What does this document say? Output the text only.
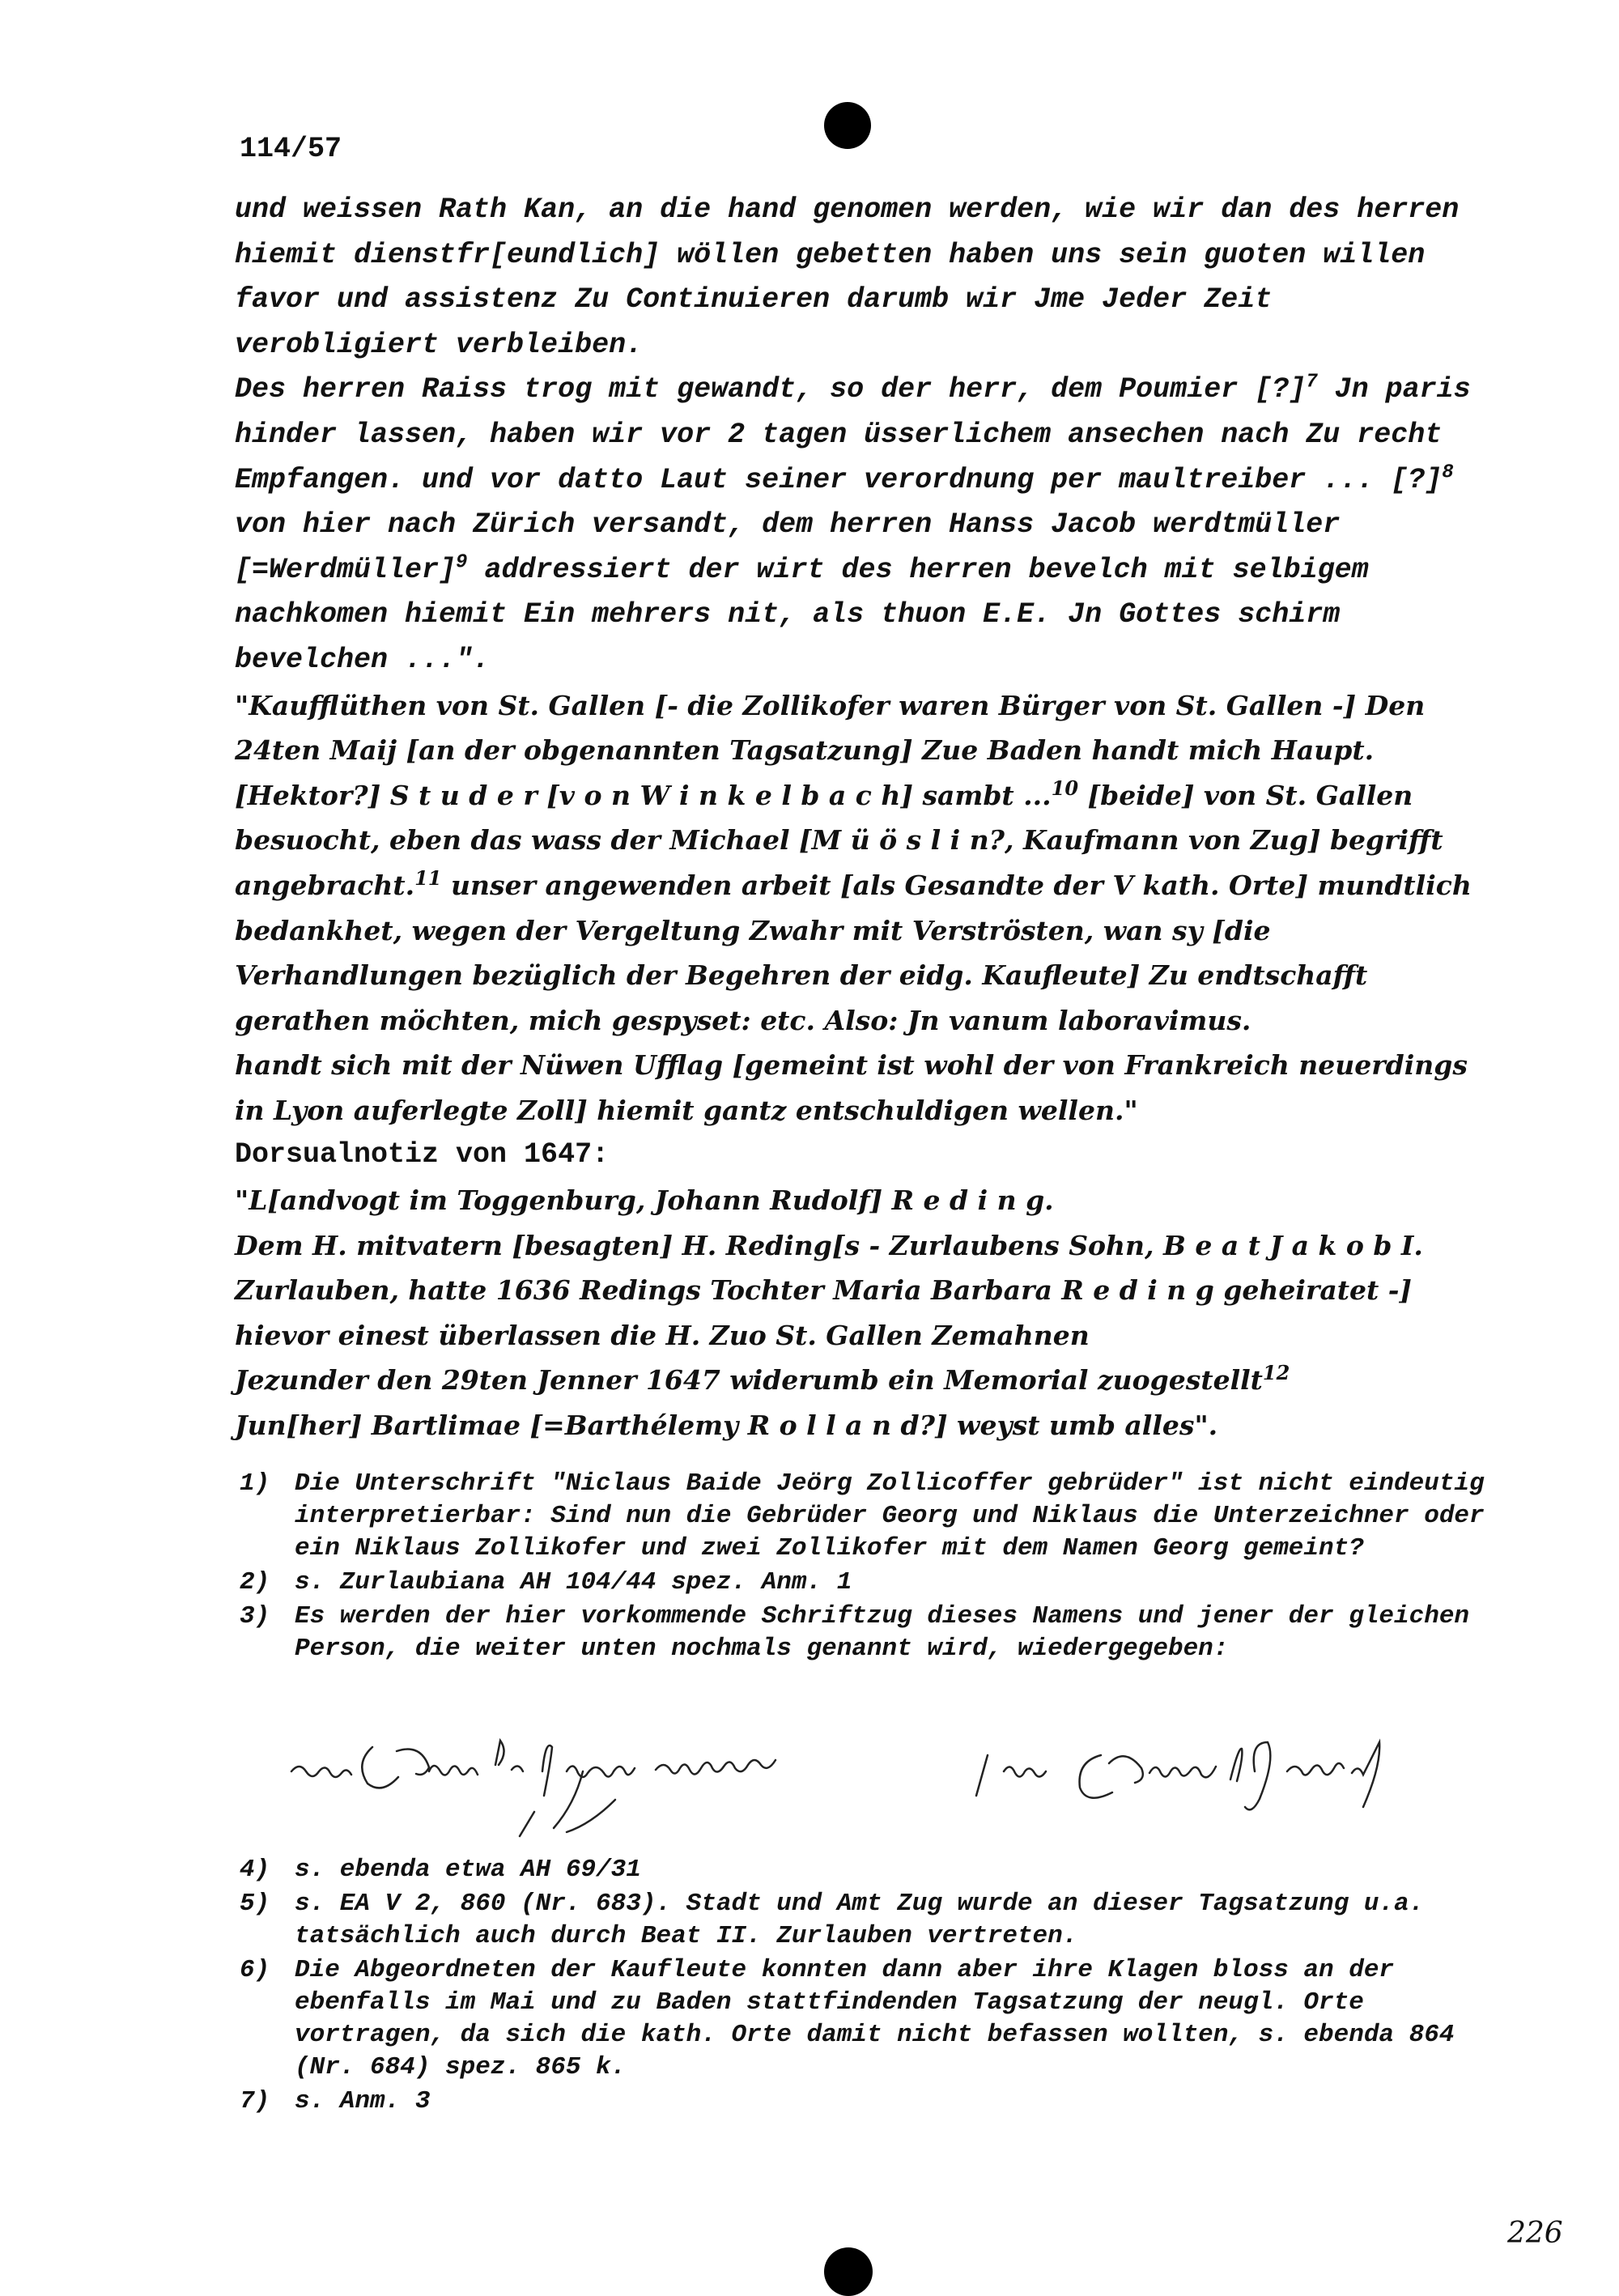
114/57

und weissen Rath Kan, an die hand genomen werden, wie wir dan des herren hiemit dienstfr[eundlich] wöllen gebetten haben uns sein guoten willen favor und assistenz Zu Continuieren darumb wir Jme Jeder Zeit verobligiert verbleiben.

Des herren Raiss trog mit gewandt, so der herr, dem Poumier [?]$^7$ Jn paris hinder lassen, haben wir vor 2 tagen üsserlichem ansechen nach Zu recht Empfangen. und vor datto Laut seiner verordnung per maultreiber ... [?]$^8$ von hier nach Zürich versandt, dem herren Hanss Jacob werdtmüller [=Werdmüller]$^9$ addressiert der wirt des herren bevelch mit selbigem nachkomen hiemit Ein mehrers nit, als thuon E.E. Jn Gottes schirm bevelchen ...".

"Kaufflüthen von St. Gallen [- die Zollikofer waren Bürger von St. Gallen -] Den 24ten Maij [an der obgenannten Tagsatzung] Zue Baden handt mich Haupt. [Hektor?] S t u d e r [v o n W i n k e l b a c h] sambt ...$^{10}$ [beide] von St. Gallen besuocht, eben das wass der Michael [M ü ö s l i n?, Kaufmann von Zug] begrifft angebracht.$^{11}$ unser angewenden arbeit [als Gesandte der V kath. Orte] mundtlich bedankhet, wegen der Vergeltung Zwahr mit Verströsten, wan sy [die Verhandlungen bezüglich der Begehren der eidg. Kaufleute] Zu endtschafft gerathen möchten, mich gespyset: etc. Also: Jn vanum laboravimus.

handt sich mit der Nüwen Ufflag [gemeint ist wohl der von Frankreich neuerdings in Lyon auferlegte Zoll] hiemit gantz entschuldigen wellen."

Dorsualnotiz von 1647:

"L[andvogt im Toggenburg, Johann Rudolf] R e d i n g.

Dem H. mitvatern [besagten] H. Reding[s - Zurlaubens Sohn, B e a t J a k o b I. Zurlauben, hatte 1636 Redings Tochter Maria Barbara R e d i n g geheiratet -] hievor einest überlassen die H. Zuo St. Gallen Zemahnen

Jezunder den 29ten Jenner 1647 widerumb ein Memorial zuogestellt$^{12}$

Jun[her] Bartlimae [=Barthélemy R o l l a n d?] weyst umb alles".

1) Die Unterschrift "Niclaus Baide Jeörg Zollicoffer gebrüder" ist nicht eindeutig interpretierbar: Sind nun die Gebrüder Georg und Niklaus die Unterzeichner oder ein Niklaus Zollikofer und zwei Zollikofer mit dem Namen Georg gemeint?
2) s. Zurlaubiana AH 104/44 spez. Anm. 1
3) Es werden der hier vorkommende Schriftzug dieses Namens und jener der gleichen Person, die weiter unten nochmals genannt wird, wiedergegeben:
von Poumier Jn paris provinnus dem Poumier Jn paris
4) s. ebenda etwa AH 69/31
5) s. EA V 2, 860 (Nr. 683). Stadt und Amt Zug wurde an dieser Tagsatzung u.a. tatsächlich auch durch Beat II. Zurlauben vertreten.
6) Die Abgeordneten der Kaufleute konnten dann aber ihre Klagen bloss an der ebenfalls im Mai und zu Baden stattfindenden Tagsatzung der neugl. Orte vortragen, da sich die kath. Orte damit nicht befassen wollten, s. ebenda 864 (Nr. 684) spez. 865 k.
7) s. Anm. 3
226
